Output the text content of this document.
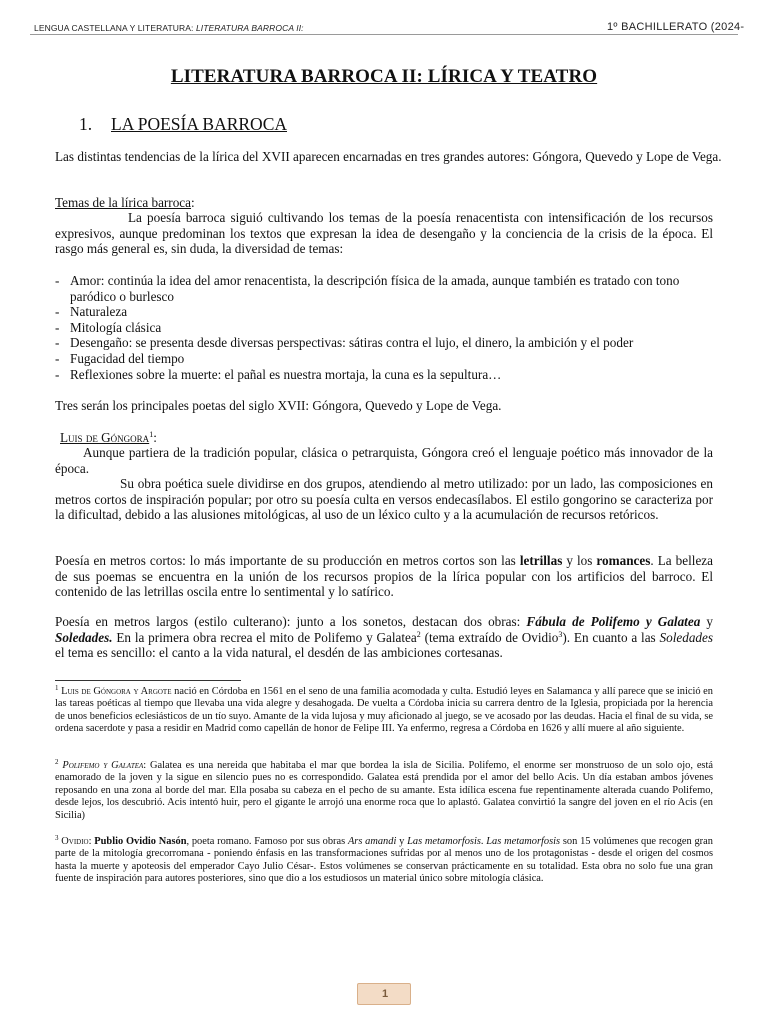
LENGUA CASTELLANA Y LITERATURA: LITERATURA BARROCA II:	1º BACHILLERATO (2024-
LITERATURA BARROCA II: LÍRICA Y TEATRO
1. LA POESÍA BARROCA

Las distintas tendencias de la lírica del XVII aparecen encarnadas en tres grandes autores: Góngora, Quevedo y Lope de Vega.

Temas de la lírica barroca:

La poesía barroca siguió cultivando los temas de la poesía renacentista con intensificación de los recursos expresivos, aunque predominan los textos que expresan la idea de desengaño y la conciencia de la crisis de la época. El rasgo más general es, sin duda, la diversidad de temas:

- Amor: continúa la idea del amor renacentista, la descripción física de la amada, aunque también es tratado con tono paródico o burlesco
- Naturaleza
- Mitología clásica
- Desengaño: se presenta desde diversas perspectivas: sátiras contra el lujo, el dinero, la ambición y el poder
- Fugacidad del tiempo
- Reflexiones sobre la muerte: el pañal es nuestra mortaja, la cuna es la sepultura…

Tres serán los principales poetas del siglo XVII: Góngora, Quevedo y Lope de Vega.

Luis de Góngora$^1$:

Aunque partiera de la tradición popular, clásica o petrarquista, Góngora creó el lenguaje poético más innovador de la época.

Su obra poética suele dividirse en dos grupos, atendiendo al metro utilizado: por un lado, las composiciones en metros cortos de inspiración popular; por otro su poesía culta en versos endecasílabos. El estilo gongorino se caracteriza por la dificultad, debido a las alusiones mitológicas, al uso de un léxico culto y a la acumulación de recursos retóricos.

Poesía en metros cortos: lo más importante de su producción en metros cortos son las letrillas y los romances. La belleza de sus poemas se encuentra en la unión de los recursos propios de la lírica popular con los artificios del barroco. El contenido de las letrillas oscila entre lo sentimental y lo satírico.

Poesía en metros largos (estilo culterano): junto a los sonetos, destacan dos obras: Fábula de Polifemo y Galatea y Soledades. En la primera obra recrea el mito de Polifemo y Galatea$^2$ (tema extraído de Ovidio$^3$). En cuanto a las Soledades el tema es sencillo: el canto a la vida natural, el desdén de las ambiciones cortesanas.

$^1$ Luis de Góngora y Argote nació en Córdoba en 1561 en el seno de una familia acomodada y culta. Estudió leyes en Salamanca y allí parece que se inició en las tareas poéticas al tiempo que llevaba una vida alegre y desahogada. De vuelta a Córdoba inicia su carrera dentro de la Iglesia, propiciada por la herencia de unos beneficios eclesiásticos de un tío suyo. Amante de la vida lujosa y muy aficionado al juego, se ve acosado por las deudas. Hacia el final de su vida, se ordena sacerdote y pasa a residir en Madrid como capellán de honor de Felipe III. Ya enfermo, regresa a Córdoba en 1626 y allí muere al año siguiente.

$^2$ Polifemo y Galatea: Galatea es una nereida que habitaba el mar que bordea la isla de Sicilia. Polifemo, el enorme ser monstruoso de un solo ojo, está enamorado de la joven y la sigue en silencio pues no es correspondido. Galatea está prendida por el amor del bello Acis. Un día estaban ambos jóvenes reposando en una zona al borde del mar. Ella posaba su cabeza en el pecho de su amante. Esta idílica escena fue repentinamente alterada cuando Polifemo, desde lejos, los descubrió. Acis intentó huir, pero el gigante le arrojó una enorme roca que lo aplastó. Galatea convirtió la sangre del joven en el río Acis (en Sicilia)

$^3$ Ovidio: Publio Ovidio Nasón, poeta romano. Famoso por sus obras Ars amandi y Las metamorfosis. Las metamorfosis son 15 volúmenes que recogen gran parte de la mitología grecorromana - poniendo énfasis en las transformaciones sufridas por al menos uno de los protagonistas - desde el origen del cosmos hasta la muerte y apoteosis del emperador Cayo Julio César-. Estos volúmenes se conservan prácticamente en su totalidad. Esta obra no solo fue una gran fuente de inspiración para autores posteriores, sino que dio a los estudiosos un material único sobre mitología clásica.

1
